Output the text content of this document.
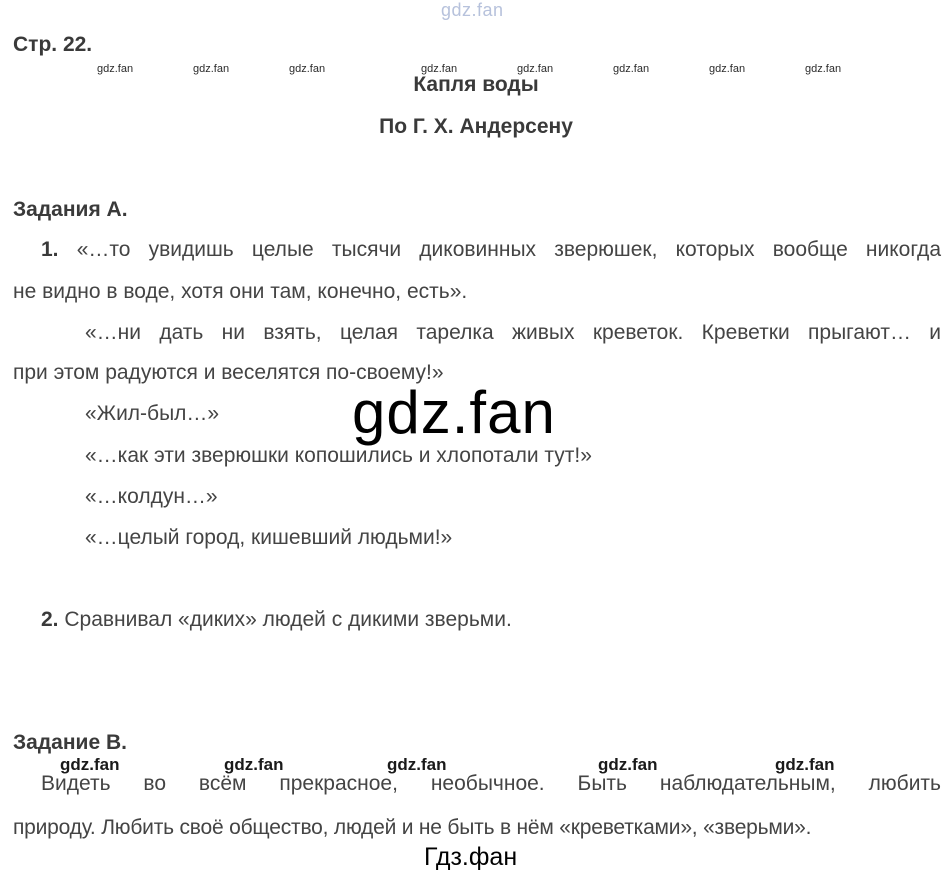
gdz.fan
Стр. 22.
gdz.fan	gdz.fan	gdz.fan	gdz.fan	gdz.fan	gdz.fan	gdz.fan	gdz.fan
Капля воды
По Г. Х. Андерсену
Задания А.
1. «…то увидишь целые тысячи диковинных зверюшек, которых вообще никогда
не видно в воде, хотя они там, конечно, есть».
«…ни дать ни взять, целая тарелка живых креветок. Креветки прыгают… и
при этом радуются и веселятся по-своему!»
«Жил-был…» gdz.fan
«…как эти зверюшки копошились и хлопотали тут!»
«…колдун…»
«…целый город, кишевший людьми!»
2. Сравнивал «диких» людей с дикими зверьми.
Задание В.
gdz.fan	gdz.fan	gdz.fan	gdz.fan	gdz.fan
Видеть во всём прекрасное, необычное. Быть наблюдательным, любить
природу. Любить своё общество, людей и не быть в нём «креветками», «зверьми».
Гдз.фан
